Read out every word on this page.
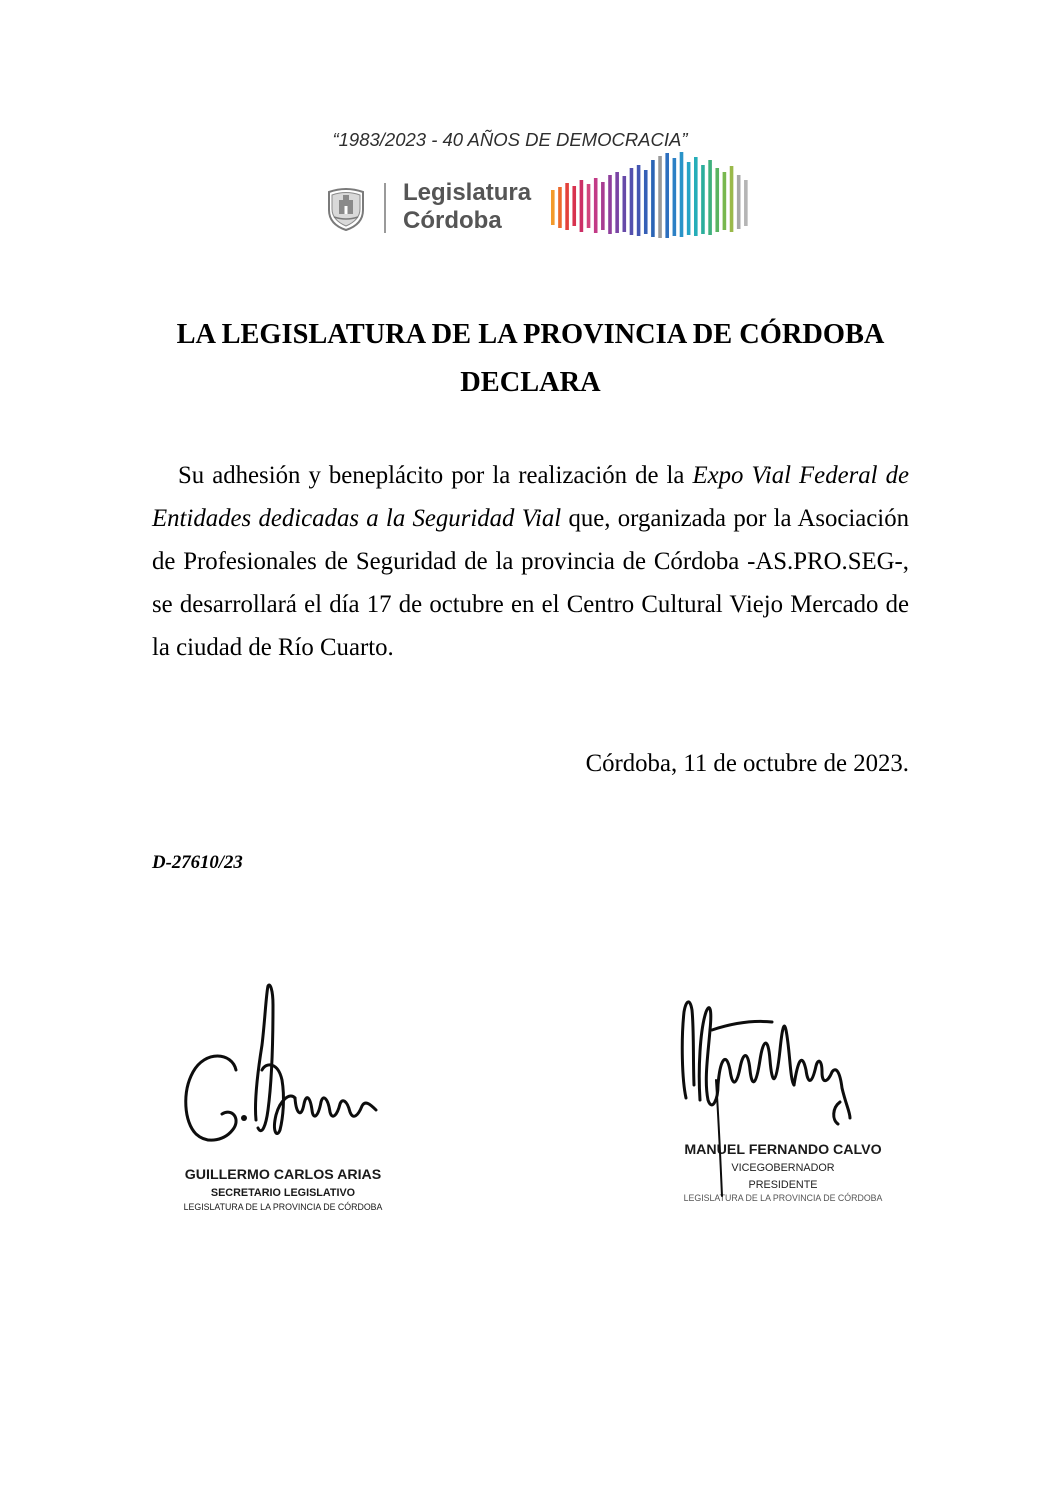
“1983/2023 - 40 AÑOS DE DEMOCRACIA”
Legislatura
Córdoba
LA LEGISLATURA DE LA PROVINCIA DE CÓRDOBA
DECLARA

Su adhesión y beneplácito por la realización de la Expo Vial Federal de Entidades dedicadas a la Seguridad Vial que, organizada por la Asociación de Profesionales de Seguridad de la provincia de Córdoba -AS.PRO.SEG-, se desarrollará el día 17 de octubre en el Centro Cultural Viejo Mercado de la ciudad de Río Cuarto.

Córdoba, 11 de octubre de 2023.
D-27610/23
GUILLERMO CARLOS ARIAS
SECRETARIO LEGISLATIVO
LEGISLATURA DE LA PROVINCIA DE CÓRDOBA
MANUEL FERNANDO CALVO
VICEGOBERNADOR
PRESIDENTE
LEGISLATURA DE LA PROVINCIA DE CÓRDOBA
